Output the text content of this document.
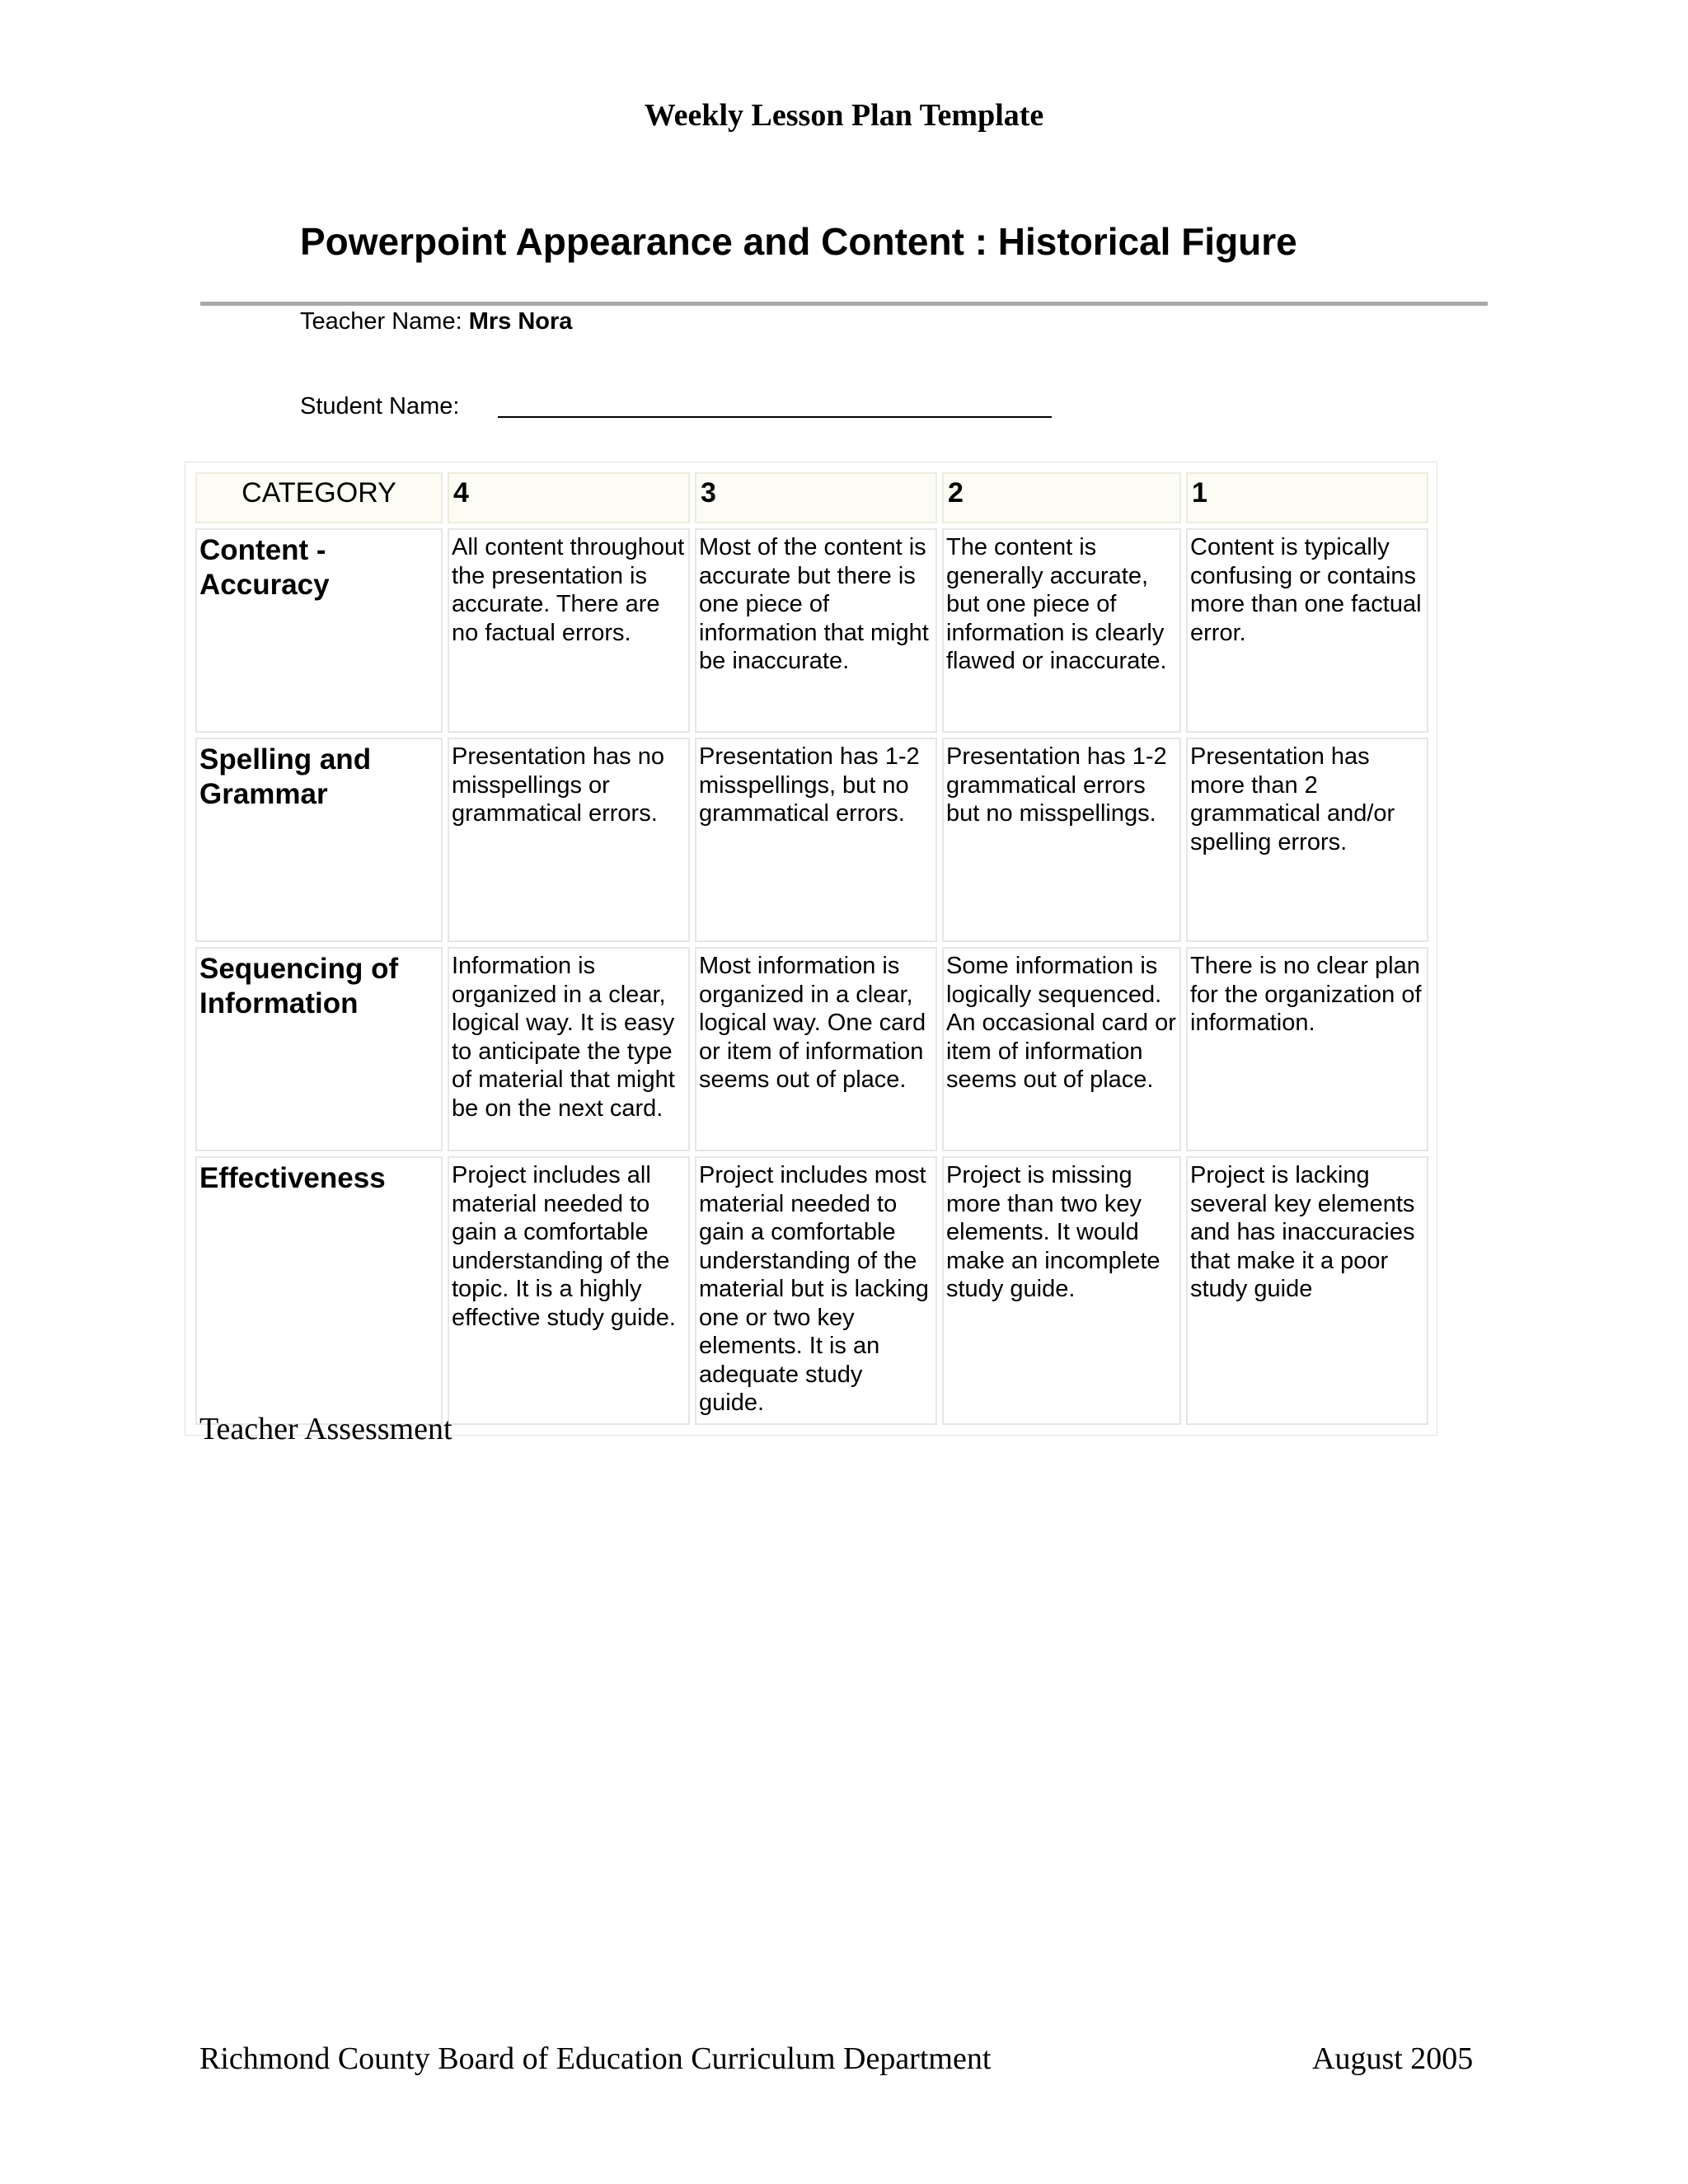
Weekly Lesson Plan Template
Powerpoint Appearance and Content : Historical Figure
Teacher Name: Mrs Nora
Student Name:
CATEGORY	4	3	2	1
Content - Accuracy	All content throughout the presentation is accurate. There are no factual errors.	Most of the content is accurate but there is one piece of information that might be inaccurate.	The content is generally accurate, but one piece of information is clearly flawed or inaccurate.	Content is typically confusing or contains more than one factual error.
Spelling and Grammar	Presentation has no misspellings or grammatical errors.	Presentation has 1-2 misspellings, but no grammatical errors.	Presentation has 1-2 grammatical errors but no misspellings.	Presentation has more than 2 grammatical and/or spelling errors.
Sequencing of Information	Information is organized in a clear, logical way. It is easy to anticipate the type of material that might be on the next card.	Most information is organized in a clear, logical way. One card or item of information seems out of place.	Some information is logically sequenced. An occasional card or item of information seems out of place.	There is no clear plan for the organization of information.
Effectiveness	Project includes all material needed to gain a comfortable understanding of the topic. It is a highly effective study guide.	Project includes most material needed to gain a comfortable understanding of the material but is lacking one or two key elements. It is an adequate study guide.	Project is missing more than two key elements. It would make an incomplete study guide.	Project is lacking several key elements and has inaccuracies that make it a poor study guide
Teacher Assessment
Richmond County Board of Education Curriculum Department	August 2005
